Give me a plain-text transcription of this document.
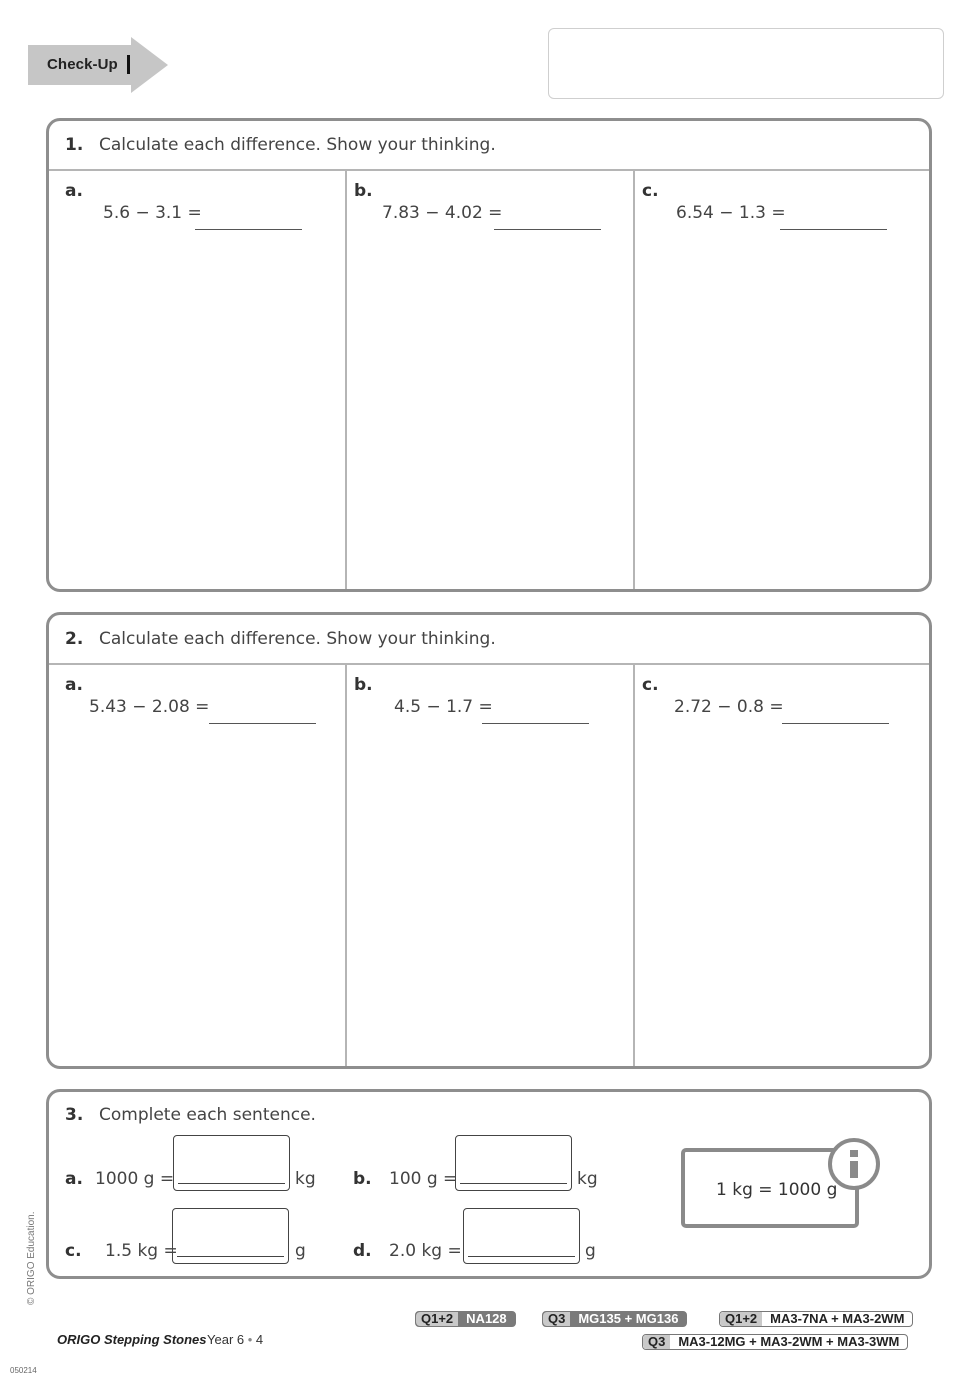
Check-Up
1. Calculate each difference. Show your thinking.
a.
5.6 − 3.1 =
b.
7.83 − 4.02 =
c.
6.54 − 1.3 =
2. Calculate each difference. Show your thinking.
a.
5.43 − 2.08 =
b.
4.5 − 1.7 =
c.
2.72 − 0.8 =
3. Complete each sentence.
a. 1000 g =	kg b. 100 g =	kg
c. 1.5 kg =	g	d. 2.0 kg =	g
1 kg = 1000 g
© ORIGO Education.
ORIGO Stepping Stones Year 6 • 4
050214
Q1+2	NA128	Q3	MG135 + MG136	Q1+2	MA3-7NA + MA3-2WM
Q3	MA3-12MG + MA3-2WM + MA3-3WM
